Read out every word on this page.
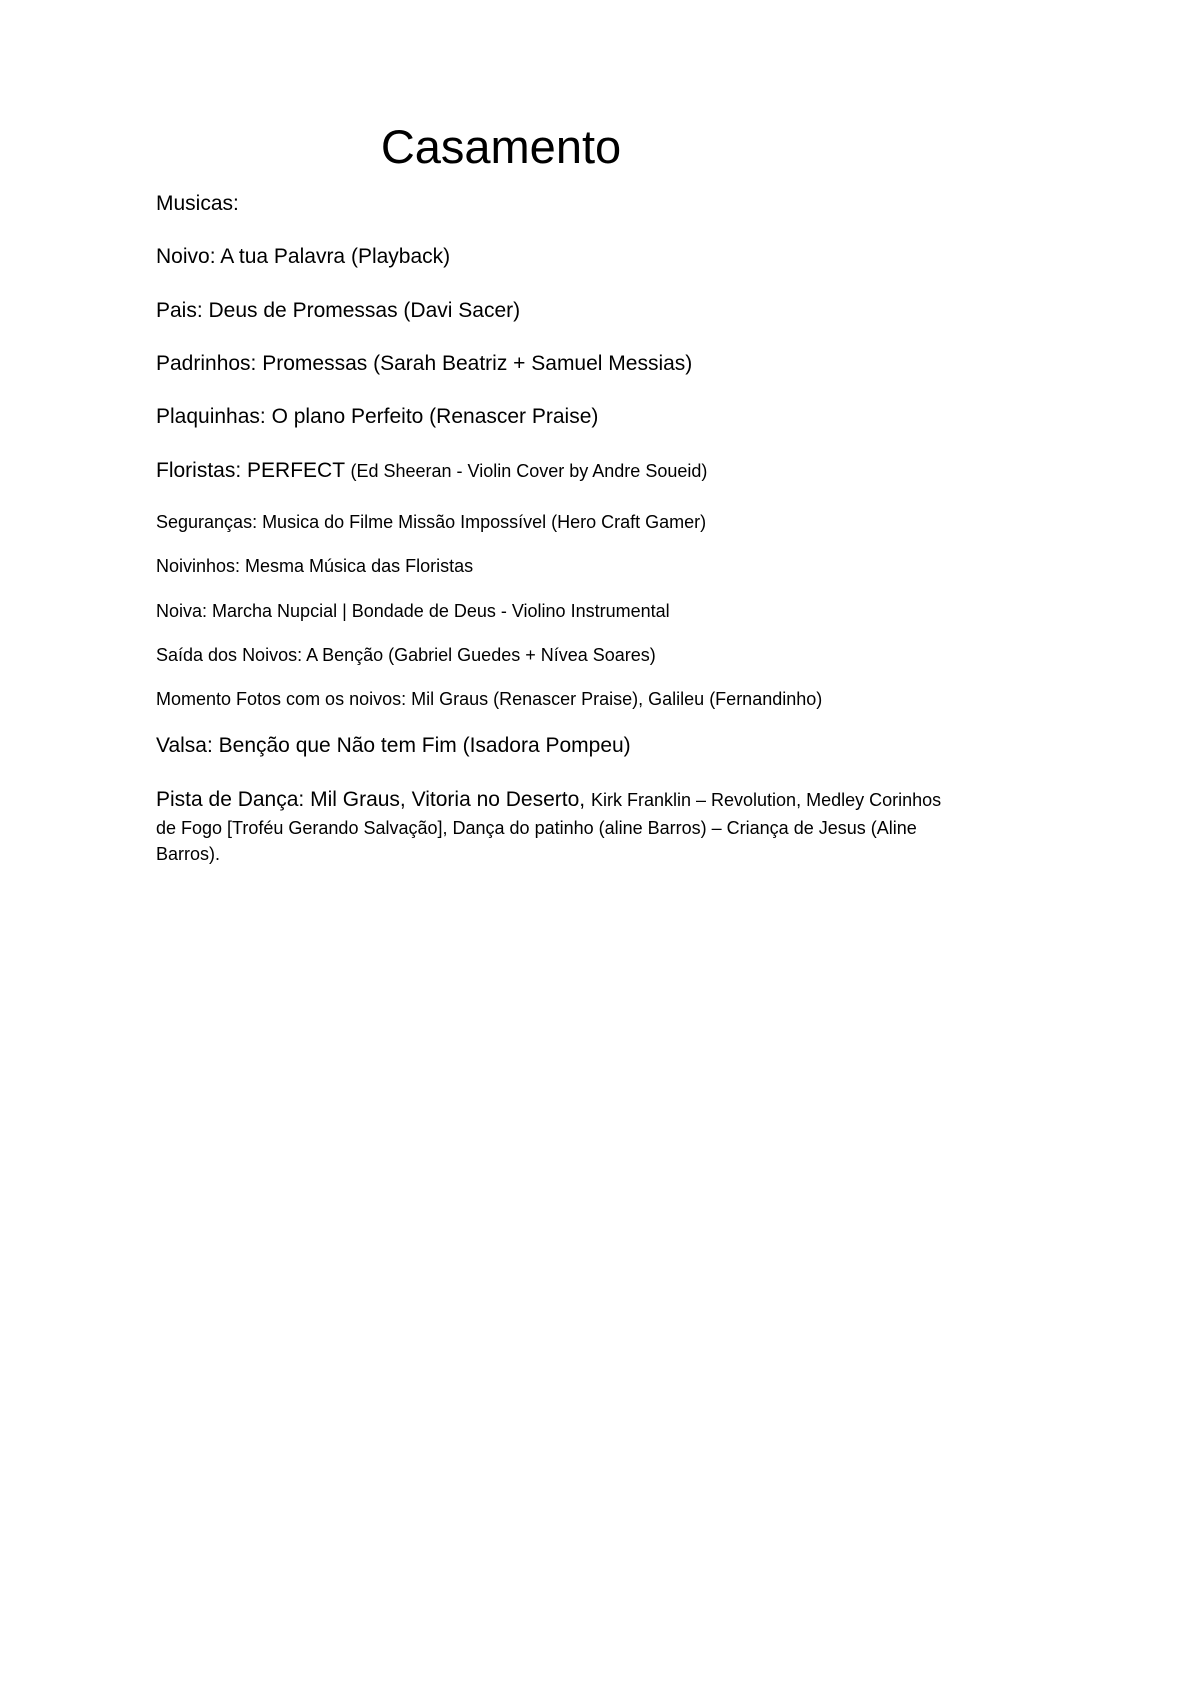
Casamento

Musicas:

Noivo: A tua Palavra (Playback)

Pais: Deus de Promessas (Davi Sacer)

Padrinhos: Promessas (Sarah Beatriz + Samuel Messias)

Plaquinhas: O plano Perfeito (Renascer Praise)

Floristas: PERFECT (Ed Sheeran - Violin Cover by Andre Soueid)

Seguranças: Musica do Filme Missão Impossível (Hero Craft Gamer)

Noivinhos: Mesma Música das Floristas

Noiva: Marcha Nupcial | Bondade de Deus - Violino Instrumental

Saída dos Noivos: A Benção (Gabriel Guedes + Nívea Soares)

Momento Fotos com os noivos: Mil Graus (Renascer Praise), Galileu (Fernandinho)

Valsa: Benção que Não tem Fim (Isadora Pompeu)

Pista de Dança: Mil Graus, Vitoria no Deserto, Kirk Franklin – Revolution, Medley Corinhos de Fogo [Troféu Gerando Salvação], Dança do patinho (aline Barros) – Criança de Jesus (Aline Barros).
